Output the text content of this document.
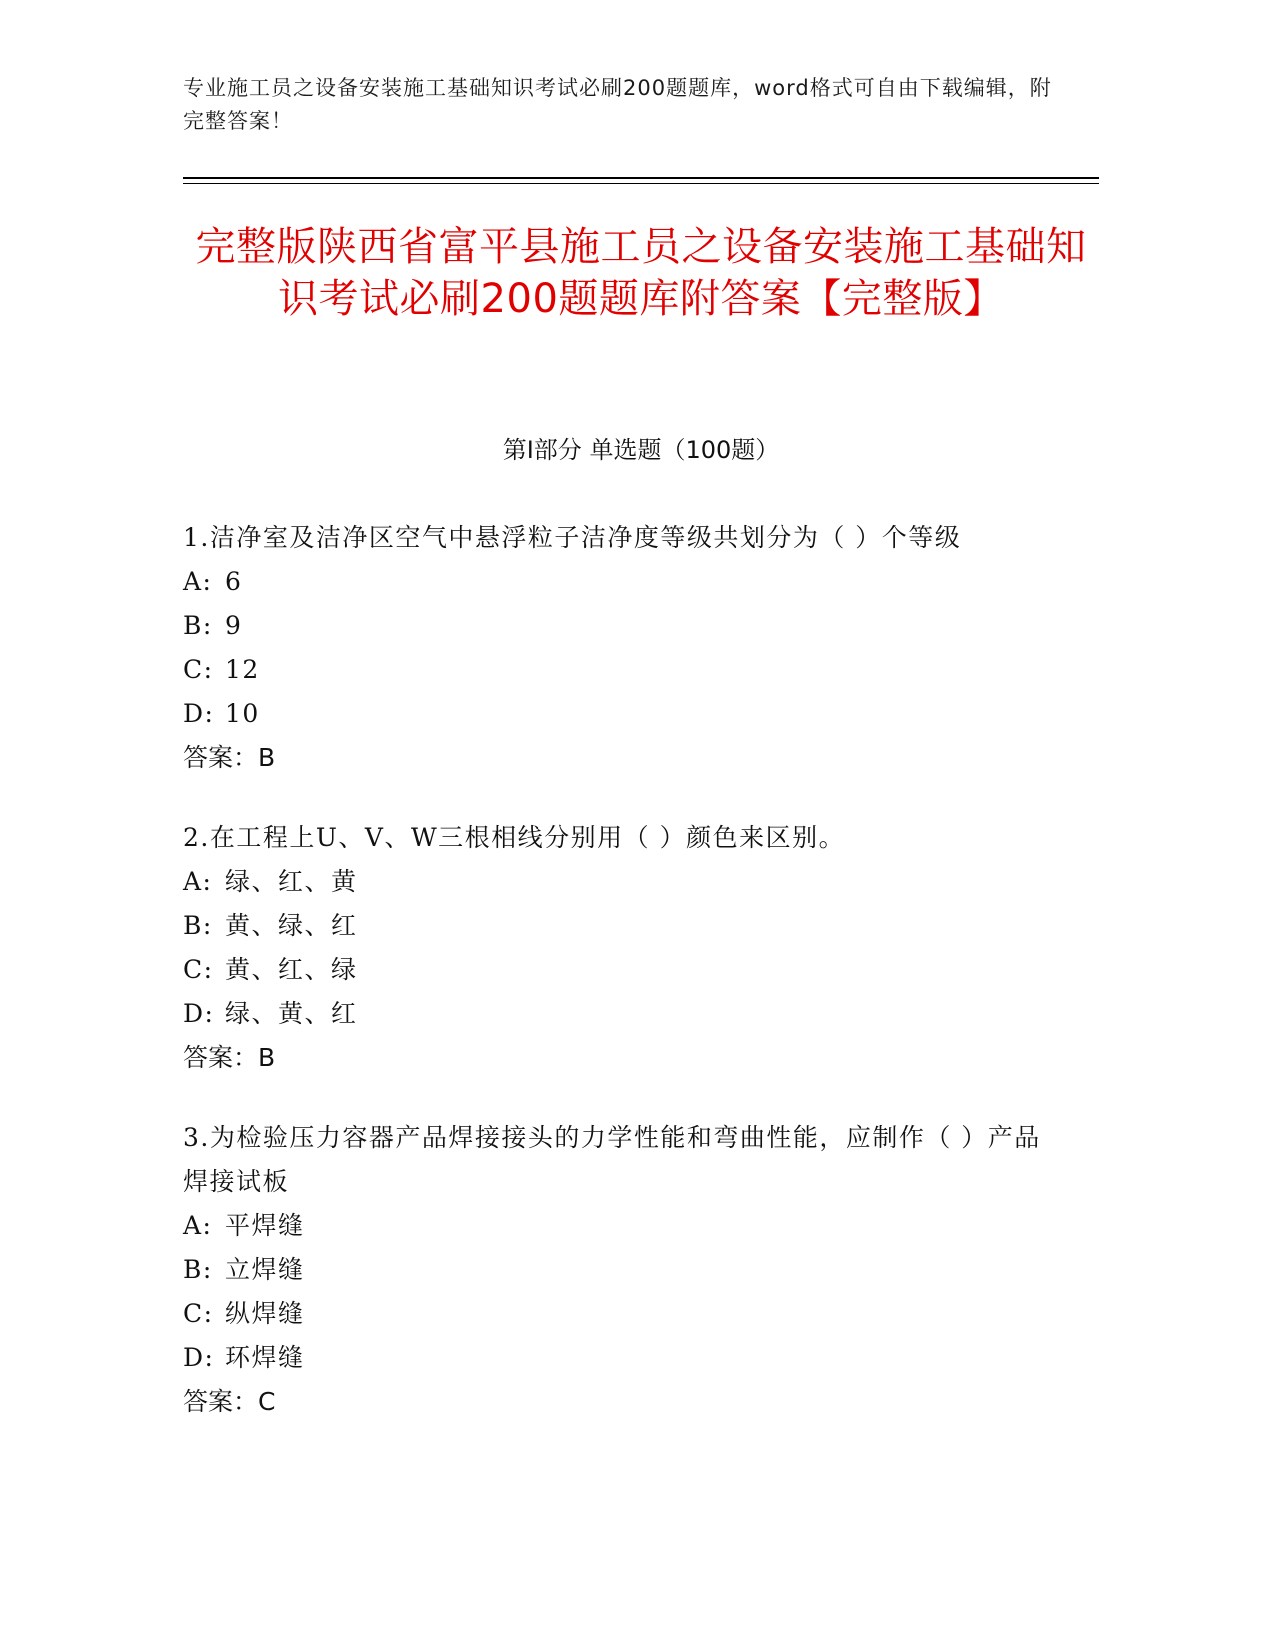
专业施工员之设备安装施工基础知识考试必刷200题题库，word格式可自由下载编辑，附完整答案！
完整版陕西省富平县施工员之设备安装施工基础知识考试必刷200题题库附答案【完整版】
第Ⅰ部分 单选题（100题）
1.洁净室及洁净区空气中悬浮粒子洁净度等级共划分为（ ）个等级
A: 6
B: 9
C: 12
D: 10
答案：B
2.在工程上U、V、W三根相线分别用（ ）颜色来区别。
A: 绿、红、黄
B: 黄、绿、红
C: 黄、红、绿
D: 绿、黄、红
答案：B
3.为检验压力容器产品焊接接头的力学性能和弯曲性能，应制作（ ）产品焊接试板
A: 平焊缝
B: 立焊缝
C: 纵焊缝
D: 环焊缝
答案：C
